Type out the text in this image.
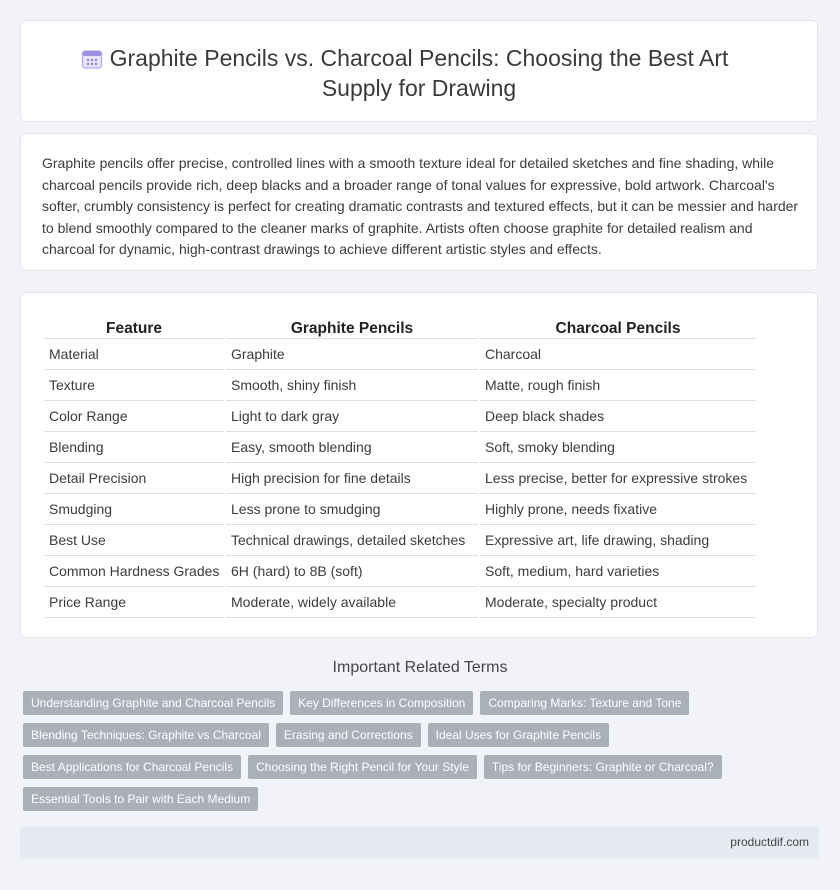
Graphite Pencils vs. Charcoal Pencils: Choosing the Best Art Supply for Drawing
Graphite pencils offer precise, controlled lines with a smooth texture ideal for detailed sketches and fine shading, while charcoal pencils provide rich, deep blacks and a broader range of tonal values for expressive, bold artwork. Charcoal's softer, crumbly consistency is perfect for creating dramatic contrasts and textured effects, but it can be messier and harder to blend smoothly compared to the cleaner marks of graphite. Artists often choose graphite for detailed realism and charcoal for dynamic, high-contrast drawings to achieve different artistic styles and effects.
Feature	Graphite Pencils	Charcoal Pencils
Material	Graphite	Charcoal
Texture	Smooth, shiny finish	Matte, rough finish
Color Range	Light to dark gray	Deep black shades
Blending	Easy, smooth blending	Soft, smoky blending
Detail Precision	High precision for fine details	Less precise, better for expressive strokes
Smudging	Less prone to smudging	Highly prone, needs fixative
Best Use	Technical drawings, detailed sketches	Expressive art, life drawing, shading
Common Hardness Grades	6H (hard) to 8B (soft)	Soft, medium, hard varieties
Price Range	Moderate, widely available	Moderate, specialty product
Important Related Terms
Understanding Graphite and Charcoal Pencils	Key Differences in Composition	Comparing Marks: Texture and Tone
Blending Techniques: Graphite vs Charcoal	Erasing and Corrections	Ideal Uses for Graphite Pencils
Best Applications for Charcoal Pencils	Choosing the Right Pencil for Your Style	Tips for Beginners: Graphite or Charcoal?
Essential Tools to Pair with Each Medium
productdif.com
